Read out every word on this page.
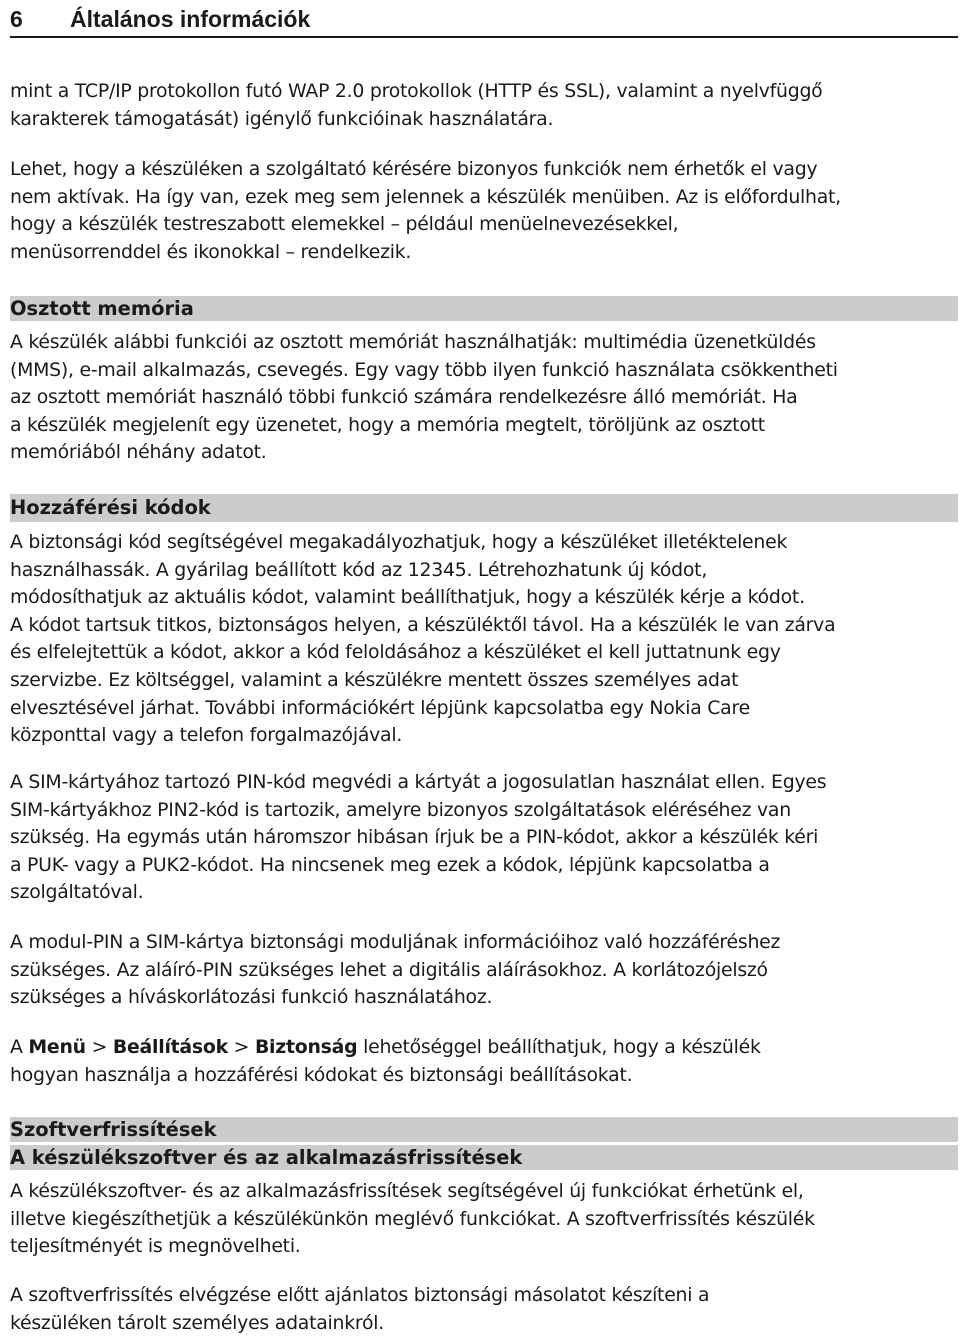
6 Általános információk

mint a TCP/IP protokollon futó WAP 2.0 protokollok (HTTP és SSL), valamint a nyelvfüggő
karakterek támogatását) igénylő funkcióinak használatára.

Lehet, hogy a készüléken a szolgáltató kérésére bizonyos funkciók nem érhetők el vagy
nem aktívak. Ha így van, ezek meg sem jelennek a készülék menüiben. Az is előfordulhat,
hogy a készülék testreszabott elemekkel – például menüelnevezésekkel,
menüsorrenddel és ikonokkal – rendelkezik.

Osztott memória

A készülék alábbi funkciói az osztott memóriát használhatják: multimédia üzenetküldés
(MMS), e-mail alkalmazás, csevegés. Egy vagy több ilyen funkció használata csökkentheti
az osztott memóriát használó többi funkció számára rendelkezésre álló memóriát. Ha
a készülék megjelenít egy üzenetet, hogy a memória megtelt, töröljünk az osztott
memóriából néhány adatot.

Hozzáférési kódok

A biztonsági kód segítségével megakadályozhatjuk, hogy a készüléket illetéktelenek
használhassák. A gyárilag beállított kód az 12345. Létrehozhatunk új kódot,
módosíthatjuk az aktuális kódot, valamint beállíthatjuk, hogy a készülék kérje a kódot.
A kódot tartsuk titkos, biztonságos helyen, a készüléktől távol. Ha a készülék le van zárva
és elfelejtettük a kódot, akkor a kód feloldásához a készüléket el kell juttatnunk egy
szervizbe. Ez költséggel, valamint a készülékre mentett összes személyes adat
elvesztésével járhat. További információkért lépjünk kapcsolatba egy Nokia Care
központtal vagy a telefon forgalmazójával.

A SIM-kártyához tartozó PIN-kód megvédi a kártyát a jogosulatlan használat ellen. Egyes
SIM-kártyákhoz PIN2-kód is tartozik, amelyre bizonyos szolgáltatások eléréséhez van
szükség. Ha egymás után háromszor hibásan írjuk be a PIN-kódot, akkor a készülék kéri
a PUK- vagy a PUK2-kódot. Ha nincsenek meg ezek a kódok, lépjünk kapcsolatba a
szolgáltatóval.

A modul-PIN a SIM-kártya biztonsági moduljának információihoz való hozzáféréshez
szükséges. Az aláíró-PIN szükséges lehet a digitális aláírásokhoz. A korlátozójelszó
szükséges a híváskorlátozási funkció használatához.

A Menü > Beállítások > Biztonság lehetőséggel beállíthatjuk, hogy a készülék
hogyan használja a hozzáférési kódokat és biztonsági beállításokat.

Szoftverfrissítések
A készülékszoftver és az alkalmazásfrissítések

A készülékszoftver- és az alkalmazásfrissítések segítségével új funkciókat érhetünk el,
illetve kiegészíthetjük a készülékünkön meglévő funkciókat. A szoftverfrissítés készülék
teljesítményét is megnövelheti.

A szoftverfrissítés elvégzése előtt ajánlatos biztonsági másolatot készíteni a
készüléken tárolt személyes adatainkról.
